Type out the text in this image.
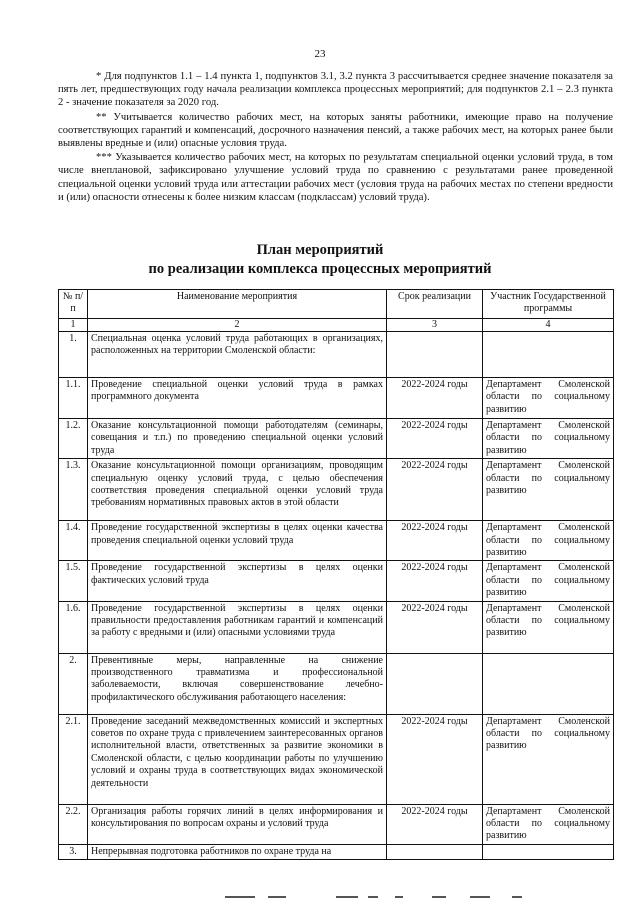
23

* Для подпунктов 1.1 – 1.4 пункта 1, подпунктов 3.1, 3.2 пункта 3 рассчитывается среднее значение показателя за пять лет, предшествующих году начала реализации комплекса процессных мероприятий; для подпунктов 2.1 – 2.3 пункта 2 - значение показателя за 2020 год.

** Учитывается количество рабочих мест, на которых заняты работники, имеющие право на получение соответствующих гарантий и компенсаций, досрочного назначения пенсий, а также рабочих мест, на которых ранее были выявлены вредные и (или) опасные условия труда.

*** Указывается количество рабочих мест, на которых по результатам специальной оценки условий труда, в том числе внеплановой, зафиксировано улучшение условий труда по сравнению с результатами ранее проведенной специальной оценки условий труда или аттестации рабочих мест (условия труда на рабочих местах по степени вредности и (или) опасности отнесены к более низким классам (подклассам) условий труда).

План мероприятий
по реализации комплекса процессных мероприятий
№ п/п	Наименование мероприятия	Срок реализации	Участник Государственной программы
1	2	3	4
1.	Специальная оценка условий труда работающих в организациях, расположенных на территории Смоленской области:		
1.1.	Проведение специальной оценки условий труда в рамках программного документа	2022-2024 годы	Департамент Смоленской области по социальному развитию
1.2.	Оказание консультационной помощи работодателям (семинары, совещания и т.п.) по проведению специальной оценки условий труда	2022-2024 годы	Департамент Смоленской области по социальному развитию
1.3.	Оказание консультационной помощи организациям, проводящим специальную оценку условий труда, с целью обеспечения соответствия проведения специальной оценки условий труда требованиям нормативных правовых актов в этой области	2022-2024 годы	Департамент Смоленской области по социальному развитию
1.4.	Проведение государственной экспертизы в целях оценки качества проведения специальной оценки условий труда	2022-2024 годы	Департамент Смоленской области по социальному развитию
1.5.	Проведение государственной экспертизы в целях оценки фактических условий труда	2022-2024 годы	Департамент Смоленской области по социальному развитию
1.6.	Проведение государственной экспертизы в целях оценки правильности предоставления работникам гарантий и компенсаций за работу с вредными и (или) опасными условиями труда	2022-2024 годы	Департамент Смоленской области по социальному развитию
2.	Превентивные меры, направленные на снижение производственного травматизма и профессиональной заболеваемости, включая совершенствование лечебно-профилактического обслуживания работающего населения:		
2.1.	Проведение заседаний межведомственных комиссий и экспертных советов по охране труда с привлечением заинтересованных органов исполнительной власти, ответственных за развитие экономики в Смоленской области, с целью координации работы по улучшению условий и охраны труда в соответствующих видах экономической деятельности	2022-2024 годы	Департамент Смоленской области по социальному развитию
2.2.	Организация работы горячих линий в целях информирования и консультирования по вопросам охраны и условий труда	2022-2024 годы	Департамент Смоленской области по социальному развитию
3.	Непрерывная подготовка работников по охране труда на		
